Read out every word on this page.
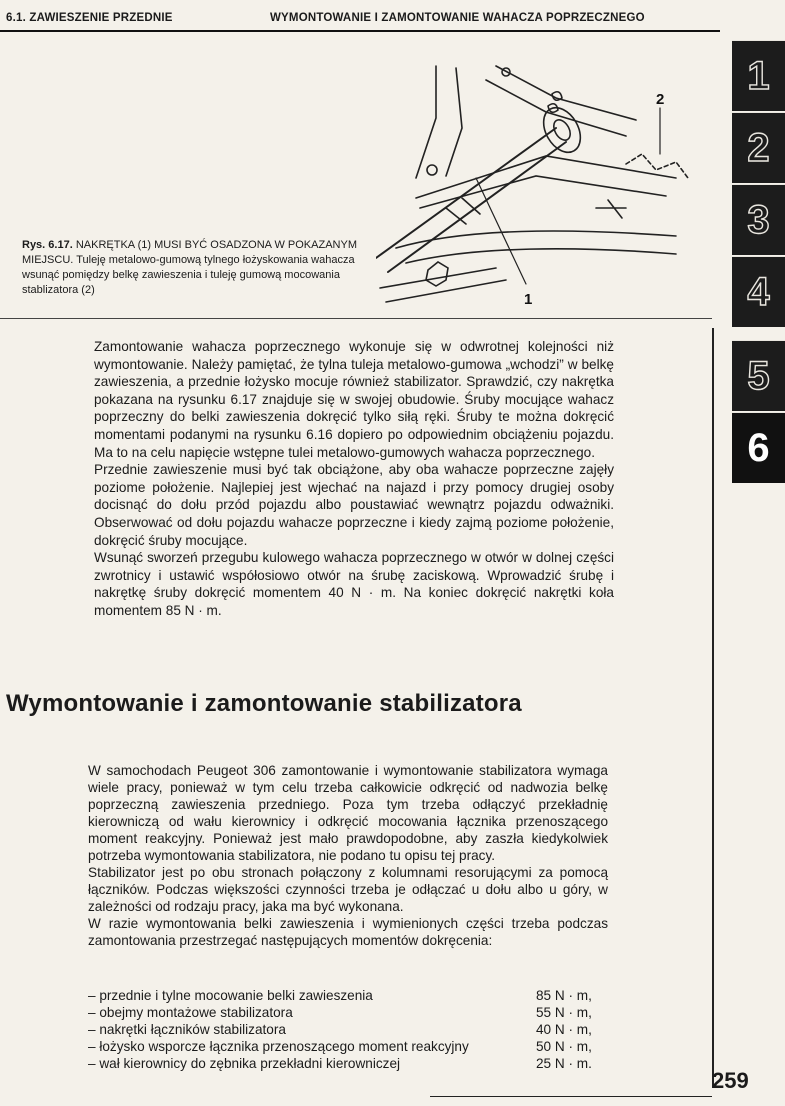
6.1. ZAWIESZENIE PRZEDNIE	WYMONTOWANIE I ZAMONTOWANIE WAHACZA POPRZECZNEGO
1
2
Rys. 6.17. NAKRĘTKA (1) MUSI BYĆ OSADZONA W POKAZANYM MIEJSCU. Tuleję metalowo-gumową tylnego łożyskowania wahacza wsunąć pomiędzy belkę zawieszenia i tuleję gumową mocowania stablizatora (2)

Zamontowanie wahacza poprzecznego wykonuje się w odwrotnej kolejności niż wymontowanie. Należy pamiętać, że tylna tuleja metalowo-gumowa „wchodzi” w belkę zawieszenia, a przednie łożysko mocuje również stabilizator. Sprawdzić, czy nakrętka pokazana na rysunku 6.17 znajduje się w swojej obudowie. Śruby mocujące wahacz poprzeczny do belki zawieszenia dokręcić tylko siłą ręki. Śruby te można dokręcić momentami podanymi na rysunku 6.16 dopiero po odpowiednim obciążeniu pojazdu. Ma to na celu napięcie wstępne tulei metalowo-gumowych wahacza poprzecznego.

Przednie zawieszenie musi być tak obciążone, aby oba wahacze poprzeczne zajęły poziome położenie. Najlepiej jest wjechać na najazd i przy pomocy drugiej osoby docisnąć do dołu przód pojazdu albo poustawiać wewnątrz pojazdu odważniki. Obserwować od dołu pojazdu wahacze poprzeczne i kiedy zajmą poziome położenie, dokręcić śruby mocujące.

Wsunąć sworzeń przegubu kulowego wahacza poprzecznego w otwór w dolnej części zwrotnicy i ustawić współosiowo otwór na śrubę zaciskową. Wprowadzić śrubę i nakrętkę śruby dokręcić momentem 40 N · m. Na koniec dokręcić nakrętki koła momentem 85 N · m.

Wymontowanie i zamontowanie stabilizatora

W samochodach Peugeot 306 zamontowanie i wymontowanie stabilizatora wymaga wiele pracy, ponieważ w tym celu trzeba całkowicie odkręcić od nadwozia belkę poprzeczną zawieszenia przedniego. Poza tym trzeba odłączyć przekładnię kierowniczą od wału kierownicy i odkręcić mocowania łącznika przenoszącego moment reakcyjny. Ponieważ jest mało prawdopodobne, aby zaszła kiedykolwiek potrzeba wymontowania stabilizatora, nie podano tu opisu tej pracy.

Stabilizator jest po obu stronach połączony z kolumnami resorującymi za pomocą łączników. Podczas większości czynności trzeba je odłączać u dołu albo u góry, w zależności od rodzaju pracy, jaka ma być wykonana.

W razie wymontowania belki zawieszenia i wymienionych części trzeba podczas zamontowania przestrzegać następujących momentów dokręcenia:

– przednie i tylne mocowanie belki zawieszenia	85 N · m,
– obejmy montażowe stabilizatora	55 N · m,
– nakrętki łączników stabilizatora	40 N · m,
– łożysko wsporcze łącznika przenoszącego moment reakcyjny	50 N · m,
– wał kierownicy do zębnika przekładni kierowniczej	25 N · m.
1
2
3
4
5
6
259
